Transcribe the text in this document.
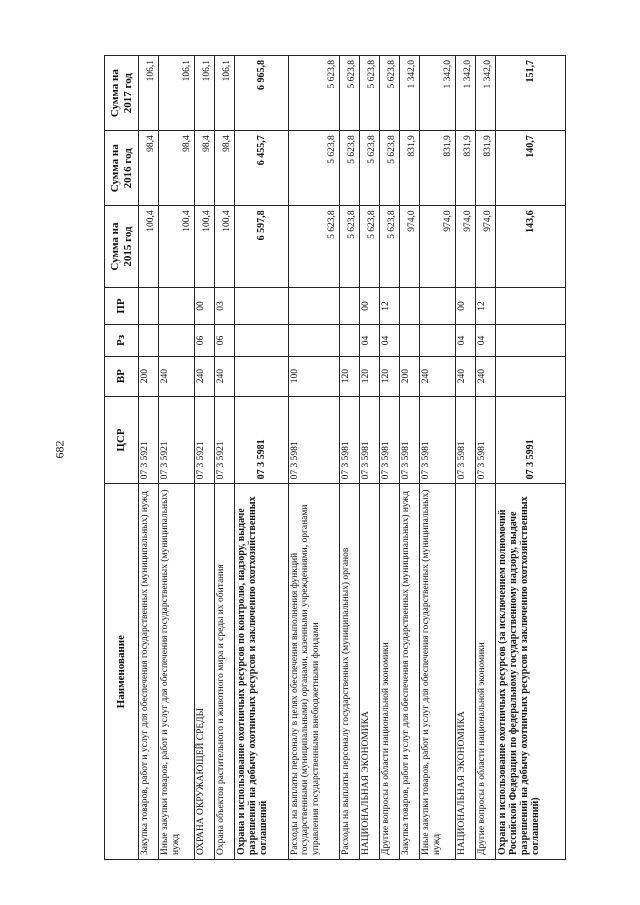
682
Наименование	ЦСР	ВР	Рз	ПР	Сумма на 2015 год	Сумма на 2016 год	Сумма на 2017 год
Закупка товаров, работ и услуг для обеспечения государственных (муниципальных) нужд	07 3 5921	200			100,4	98,4	106,1
Иные закупки товаров, работ и услуг для обеспечения государственных (муниципальных) нужд	07 3 5921	240			100,4	98,4	106,1
ОХРАНА ОКРУЖАЮЩЕЙ СРЕДЫ	07 3 5921	240	06	00	100,4	98,4	106,1
Охрана объектов растительного и животного мира и среды их обитания	07 3 5921	240	06	03	100,4	98,4	106,1
Охрана и использование охотничьих ресурсов по контролю, надзору, выдаче разрешений на добычу охотничьих ресурсов и заключению охотхозяйственных соглашений	07 3 5981				6 597,8	6 455,7	6 965,8
Расходы на выплаты персоналу в целях обеспечения выполнения функций государственными (муниципальными) органами, казенными учреждениями, органами управления государственными внебюджетными фондами	07 3 5981	100			5 623,8	5 623,8	5 623,8
Расходы на выплаты персоналу государственных (муниципальных) органов	07 3 5981	120			5 623,8	5 623,8	5 623,8
НАЦИОНАЛЬНАЯ ЭКОНОМИКА	07 3 5981	120	04	00	5 623,8	5 623,8	5 623,8
Другие вопросы в области национальной экономики	07 3 5981	120	04	12	5 623,8	5 623,8	5 623,8
Закупка товаров, работ и услуг для обеспечения государственных (муниципальных) нужд	07 3 5981	200			974,0	831,9	1 342,0
Иные закупки товаров, работ и услуг для обеспечения государственных (муниципальных) нужд	07 3 5981	240			974,0	831,9	1 342,0
НАЦИОНАЛЬНАЯ ЭКОНОМИКА	07 3 5981	240	04	00	974,0	831,9	1 342,0
Другие вопросы в области национальной экономики	07 3 5981	240	04	12	974,0	831,9	1 342,0
Охрана и использование охотничьих ресурсов (за исключением полномочий Российской Федерации по федеральному государственному надзору, выдаче разрешений на добычу охотничьих ресурсов и заключению охотхозяйственных соглашений)	07 3 5991				143,6	140,7	151,7
